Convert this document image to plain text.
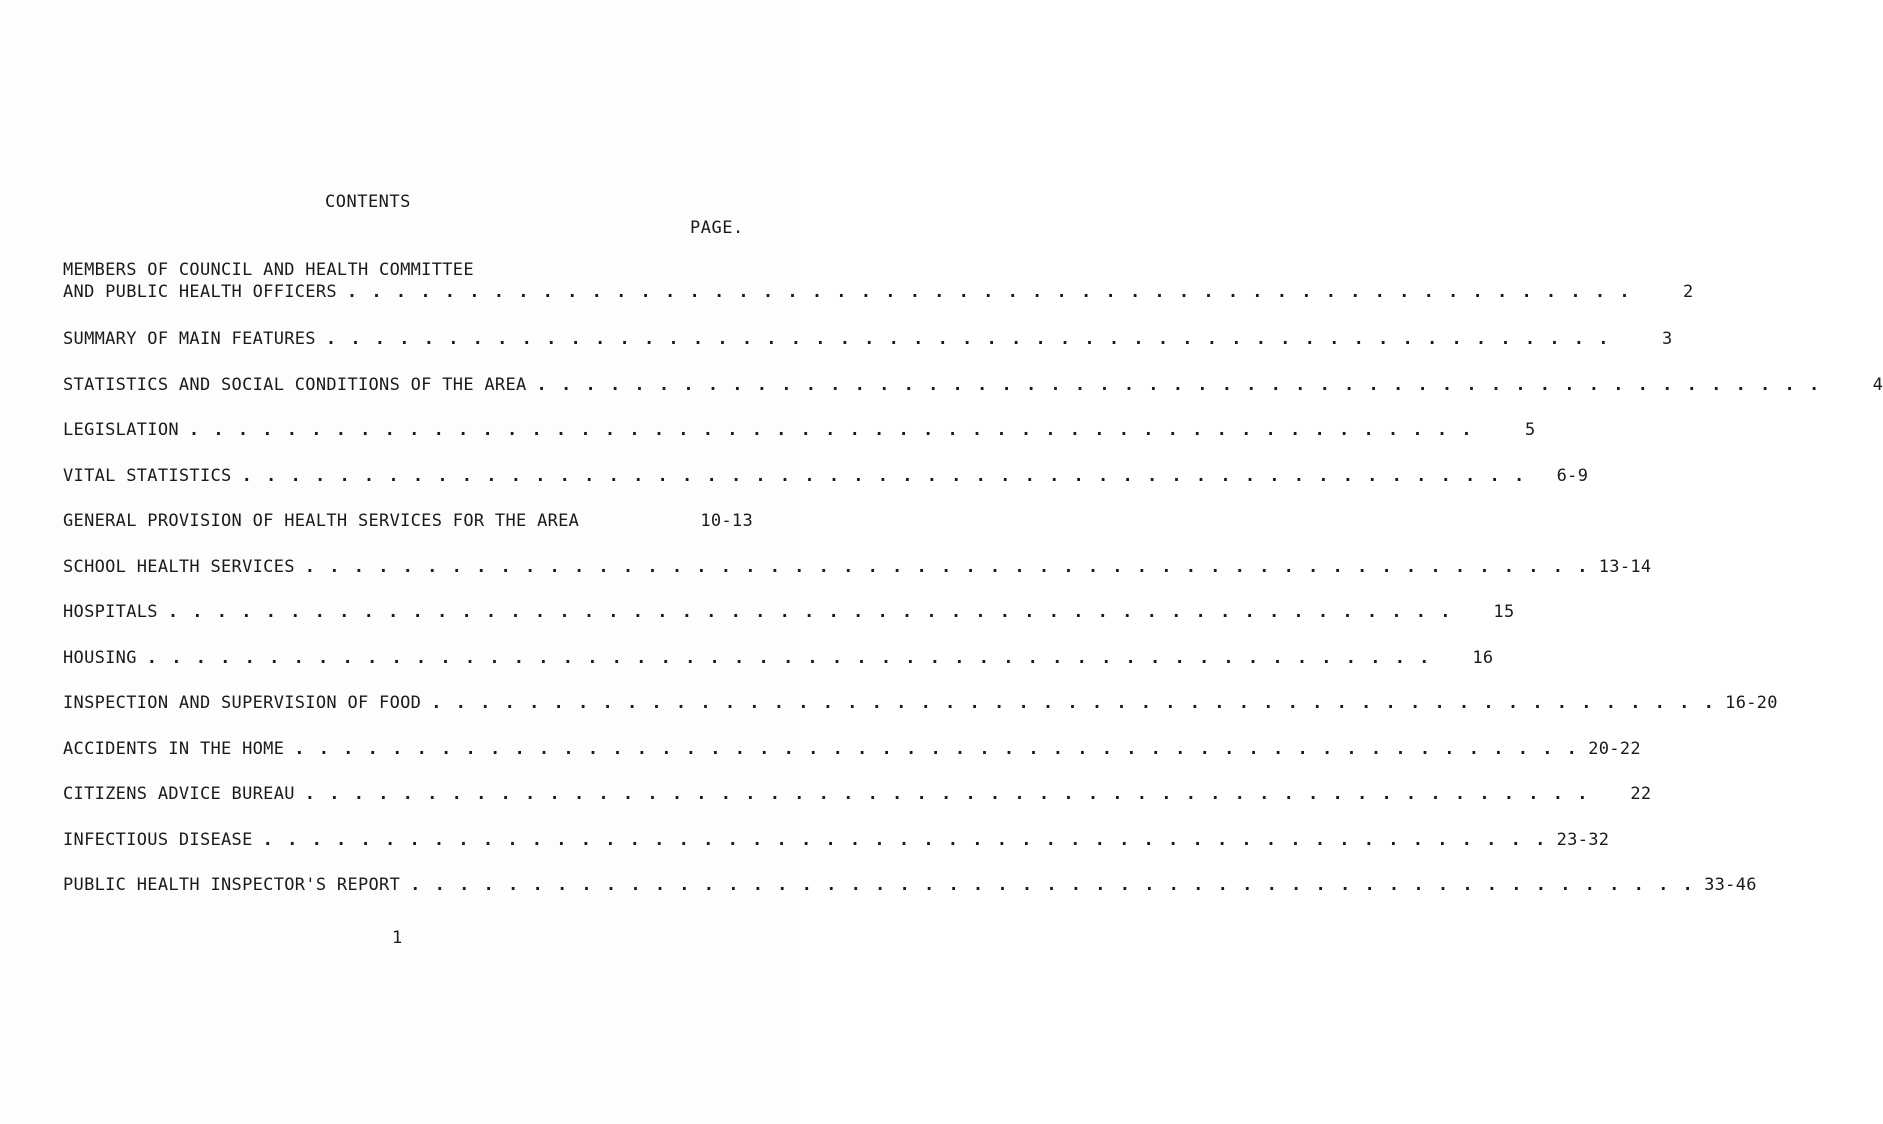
CONTENTS
PAGE.
MEMBERS OF COUNCIL AND HEALTH COMMITTEE
AND PUBLIC HEALTH OFFICERS . . . . . . . . . . . . . . . . . . . . . . . . . . . . . . . . . . . . . . . . . . . . . . . . . . . . .	2
SUMMARY OF MAIN FEATURES . . . . . . . . . . . . . . . . . . . . . . . . . . . . . . . . . . . . . . . . . . . . . . . . . . . . .	3
STATISTICS AND SOCIAL CONDITIONS OF THE AREA . . . . . . . . . . . . . . . . . . . . . . . . . . . . . . . . . . . . . . . . . . . . . . . . . . . . .	4
LEGISLATION . . . . . . . . . . . . . . . . . . . . . . . . . . . . . . . . . . . . . . . . . . . . . . . . . . . . .	5
VITAL STATISTICS . . . . . . . . . . . . . . . . . . . . . . . . . . . . . . . . . . . . . . . . . . . . . . . . . . . . .	6-9
GENERAL PROVISION OF HEALTH SERVICES FOR THE AREA	10-13
SCHOOL HEALTH SERVICES . . . . . . . . . . . . . . . . . . . . . . . . . . . . . . . . . . . . . . . . . . . . . . . . . . . . . 13-14
HOSPITALS . . . . . . . . . . . . . . . . . . . . . . . . . . . . . . . . . . . . . . . . . . . . . . . . . . . . .	15
HOUSING . . . . . . . . . . . . . . . . . . . . . . . . . . . . . . . . . . . . . . . . . . . . . . . . . . . . .	16
INSPECTION AND SUPERVISION OF FOOD . . . . . . . . . . . . . . . . . . . . . . . . . . . . . . . . . . . . . . . . . . . . . . . . . . . . . 16-20
ACCIDENTS IN THE HOME . . . . . . . . . . . . . . . . . . . . . . . . . . . . . . . . . . . . . . . . . . . . . . . . . . . . . 20-22
CITIZENS ADVICE BUREAU . . . . . . . . . . . . . . . . . . . . . . . . . . . . . . . . . . . . . . . . . . . . . . . . . . . . .	22
INFECTIOUS DISEASE . . . . . . . . . . . . . . . . . . . . . . . . . . . . . . . . . . . . . . . . . . . . . . . . . . . . . 23-32
PUBLIC HEALTH INSPECTOR'S REPORT . . . . . . . . . . . . . . . . . . . . . . . . . . . . . . . . . . . . . . . . . . . . . . . . . . . . . 33-46
1
